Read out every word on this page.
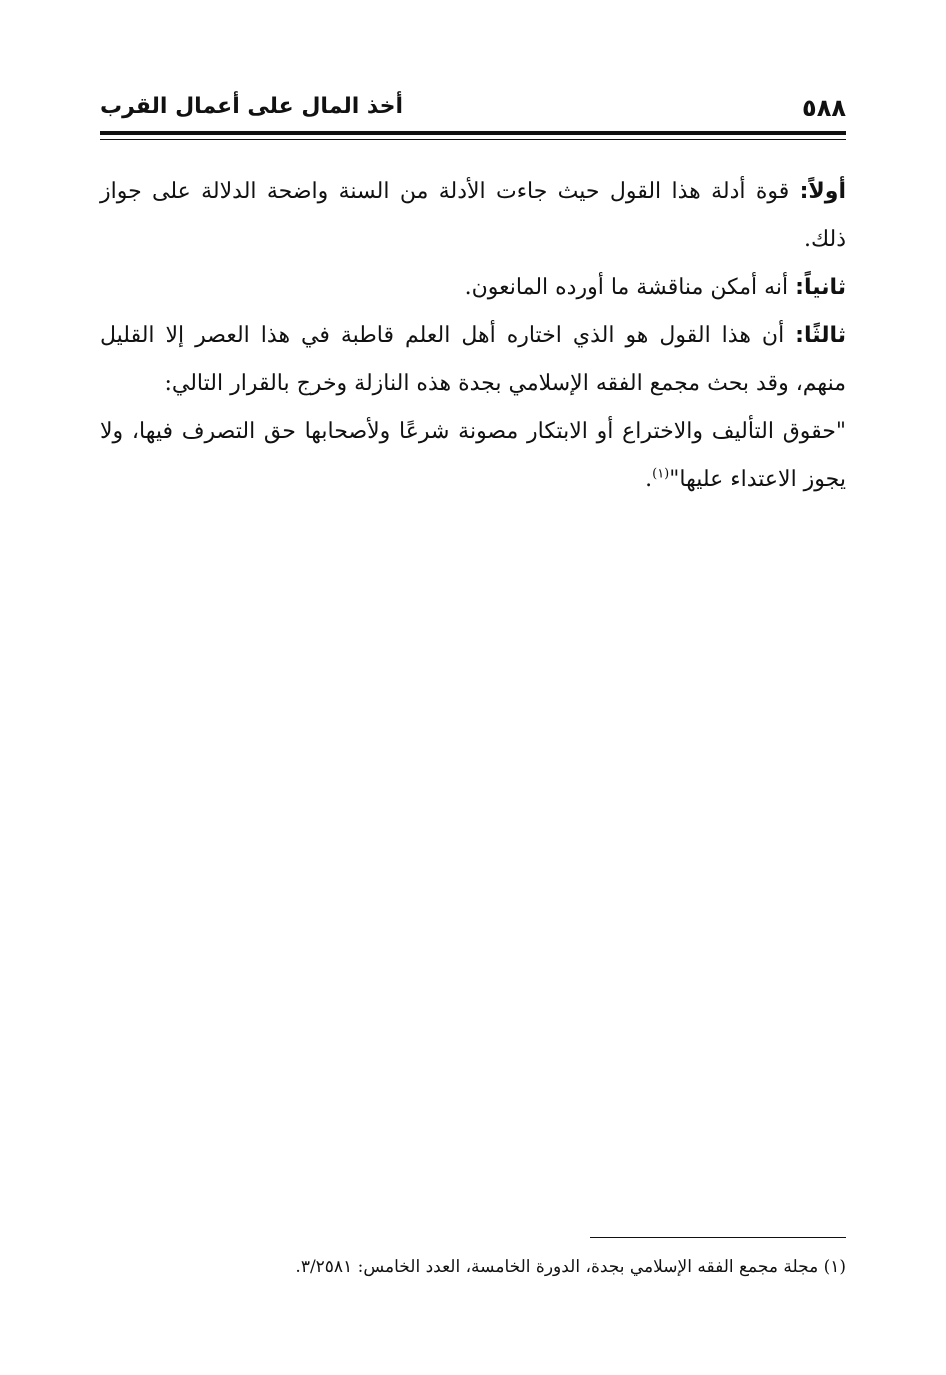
٥٨٨
أخذ المال على أعمال القرب

أولاً: قوة أدلة هذا القول حيث جاءت الأدلة من السنة واضحة الدلالة على جواز ذلك.

ثانياً: أنه أمكن مناقشة ما أورده المانعون.

ثالثًا: أن هذا القول هو الذي اختاره أهل العلم قاطبة في هذا العصر إلا القليل منهم، وقد بحث مجمع الفقه الإسلامي بجدة هذه النازلة وخرج بالقرار التالي:

"حقوق التأليف والاختراع أو الابتكار مصونة شرعًا ولأصحابها حق التصرف فيها، ولا يجوز الاعتداء عليها"$^{(١)}$.

(١) مجلة مجمع الفقه الإسلامي بجدة، الدورة الخامسة، العدد الخامس: ٣/٢٥٨١.
